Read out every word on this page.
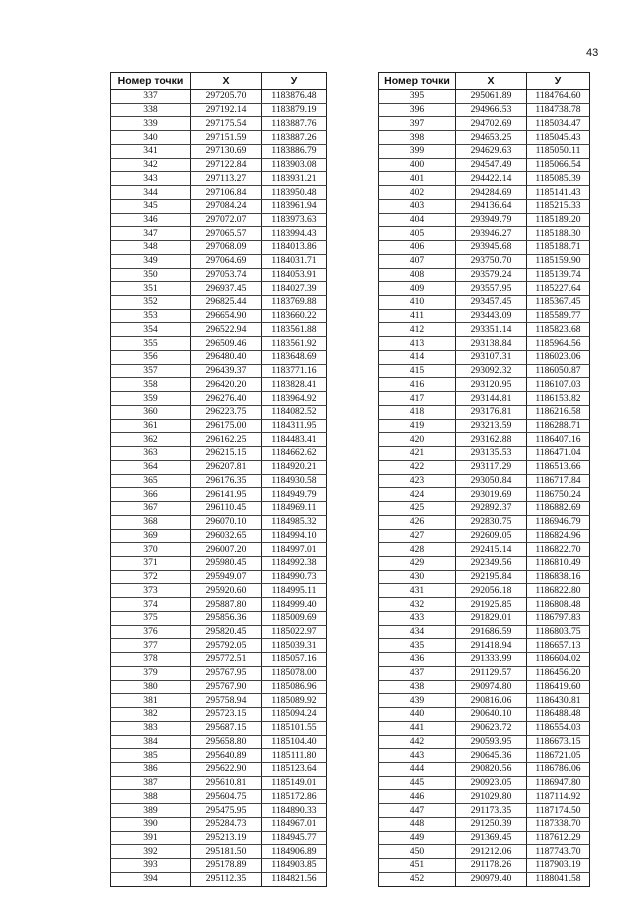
43
Номер точки	X	У
337	297205.70	1183876.48
338	297192.14	1183879.19
339	297175.54	1183887.76
340	297151.59	1183887.26
341	297130.69	1183886.79
342	297122.84	1183903.08
343	297113.27	1183931.21
344	297106.84	1183950.48
345	297084.24	1183961.94
346	297072.07	1183973.63
347	297065.57	1183994.43
348	297068.09	1184013.86
349	297064.69	1184031.71
350	297053.74	1184053.91
351	296937.45	1184027.39
352	296825.44	1183769.88
353	296654.90	1183660.22
354	296522.94	1183561.88
355	296509.46	1183561.92
356	296480.40	1183648.69
357	296439.37	1183771.16
358	296420.20	1183828.41
359	296276.40	1183964.92
360	296223.75	1184082.52
361	296175.00	1184311.95
362	296162.25	1184483.41
363	296215.15	1184662.62
364	296207.81	1184920.21
365	296176.35	1184930.58
366	296141.95	1184949.79
367	296110.45	1184969.11
368	296070.10	1184985.32
369	296032.65	1184994.10
370	296007.20	1184997.01
371	295980.45	1184992.38
372	295949.07	1184990.73
373	295920.60	1184995.11
374	295887.80	1184999.40
375	295856.36	1185009.69
376	295820.45	1185022.97
377	295792.05	1185039.31
378	295772.51	1185057.16
379	295767.95	1185078.00
380	295767.90	1185086.96
381	295758.94	1185089.92
382	295723.15	1185094.24
383	295687.15	1185101.55
384	295658.80	1185104.40
385	295640.89	1185111.80
386	295622.90	1185123.64
387	295610.81	1185149.01
388	295604.75	1185172.86
389	295475.95	1184890.33
390	295284.73	1184967.01
391	295213.19	1184945.77
392	295181.50	1184906.89
393	295178.89	1184903.85
394	295112.35	1184821.56
Номер точки	X	У
395	295061.89	1184764.60
396	294966.53	1184738.78
397	294702.69	1185034.47
398	294653.25	1185045.43
399	294629.63	1185050.11
400	294547.49	1185066.54
401	294422.14	1185085.39
402	294284.69	1185141.43
403	294136.64	1185215.33
404	293949.79	1185189.20
405	293946.27	1185188.30
406	293945.68	1185188.71
407	293750.70	1185159.90
408	293579.24	1185139.74
409	293557.95	1185227.64
410	293457.45	1185367.45
411	293443.09	1185589.77
412	293351.14	1185823.68
413	293138.84	1185964.56
414	293107.31	1186023.06
415	293092.32	1186050.87
416	293120.95	1186107.03
417	293144.81	1186153.82
418	293176.81	1186216.58
419	293213.59	1186288.71
420	293162.88	1186407.16
421	293135.53	1186471.04
422	293117.29	1186513.66
423	293050.84	1186717.84
424	293019.69	1186750.24
425	292892.37	1186882.69
426	292830.75	1186946.79
427	292609.05	1186824.96
428	292415.14	1186822.70
429	292349.56	1186810.49
430	292195.84	1186838.16
431	292056.18	1186822.80
432	291925.85	1186808.48
433	291829.01	1186797.83
434	291686.59	1186803.75
435	291418.94	1186657.13
436	291333.99	1186604.02
437	291129.57	1186456.20
438	290974.80	1186419.60
439	290816.06	1186430.81
440	290640.10	1186488.48
441	290623.72	1186554.03
442	290593.95	1186673.15
443	290645.36	1186721.05
444	290820.56	1186786.06
445	290923.05	1186947.80
446	291029.80	1187114.92
447	291173.35	1187174.50
448	291250.39	1187338.70
449	291369.45	1187612.29
450	291212.06	1187743.70
451	291178.26	1187903.19
452	290979.40	1188041.58
